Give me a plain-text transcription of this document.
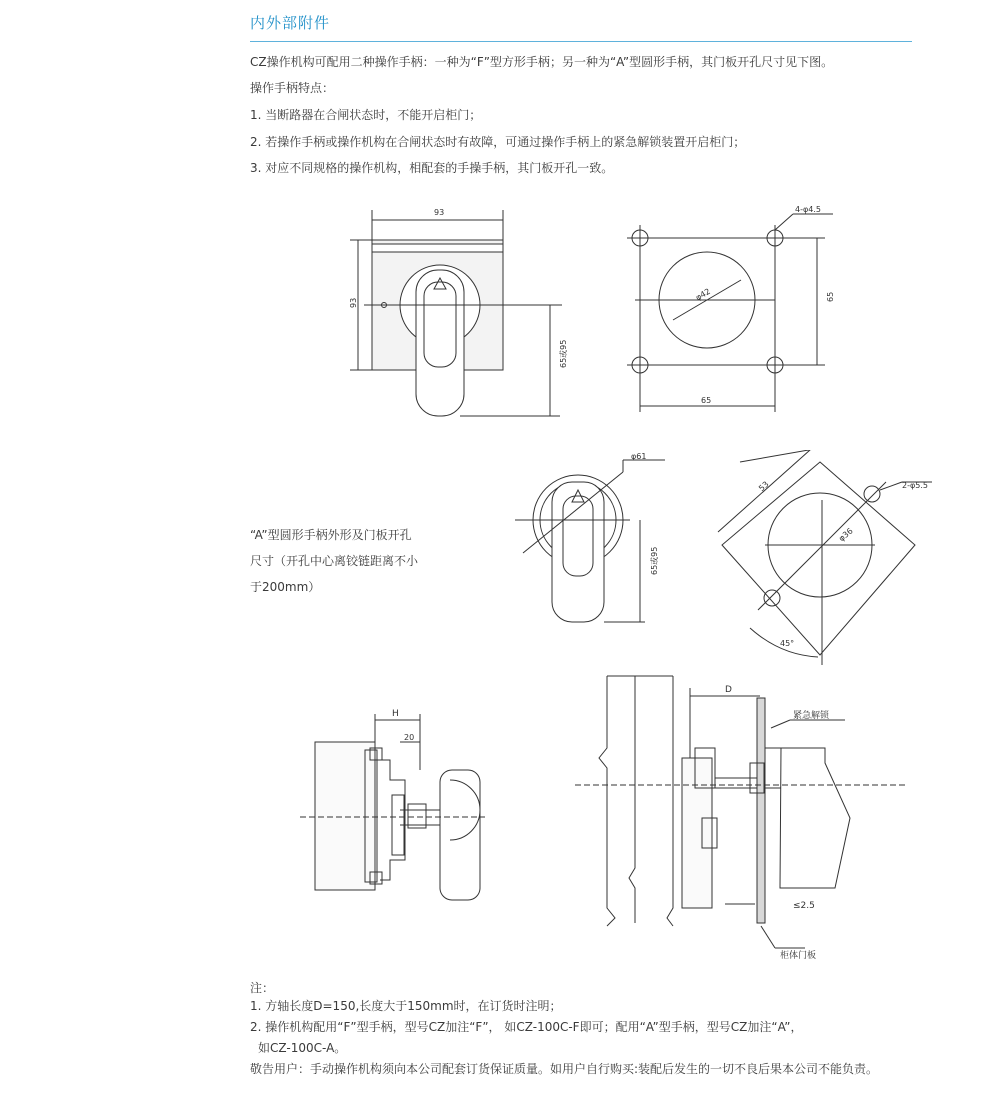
内外部附件
CZ操作机构可配用二种操作手柄：一种为“F”型方形手柄；另一种为“A”型圆形手柄，其门板开孔尺寸见下图。
操作手柄特点：
1. 当断路器在合闸状态时，不能开启柜门；
2. 若操作手柄或操作机构在合闸状态时有故障，可通过操作手柄上的紧急解锁装置开启柜门；
3. 对应不同规格的操作机构，相配套的手操手柄，其门板开孔一致。
93
93
65或95
4-φ4.5
φ42	65
65
“A”型圆形手柄外形及门板开孔
尺寸（开孔中心离铰链距离不小
于200mm）
φ61
65或95
53	2-φ5.5
φ36
45°
H
20
D
紧急解锁
≤2.5
柜体门板
注：
1. 方轴长度D=150,长度大于150mm时，在订货时注明；
2. 操作机构配用“F”型手柄，型号CZ加注“F”， 如CZ-100C-F即可；配用“A”型手柄，型号CZ加注“A”，
如CZ-100C-A。
敬告用户：手动操作机构须向本公司配套订货保证质量。如用户自行购买:装配后发生的一切不良后果本公司不能负责。
